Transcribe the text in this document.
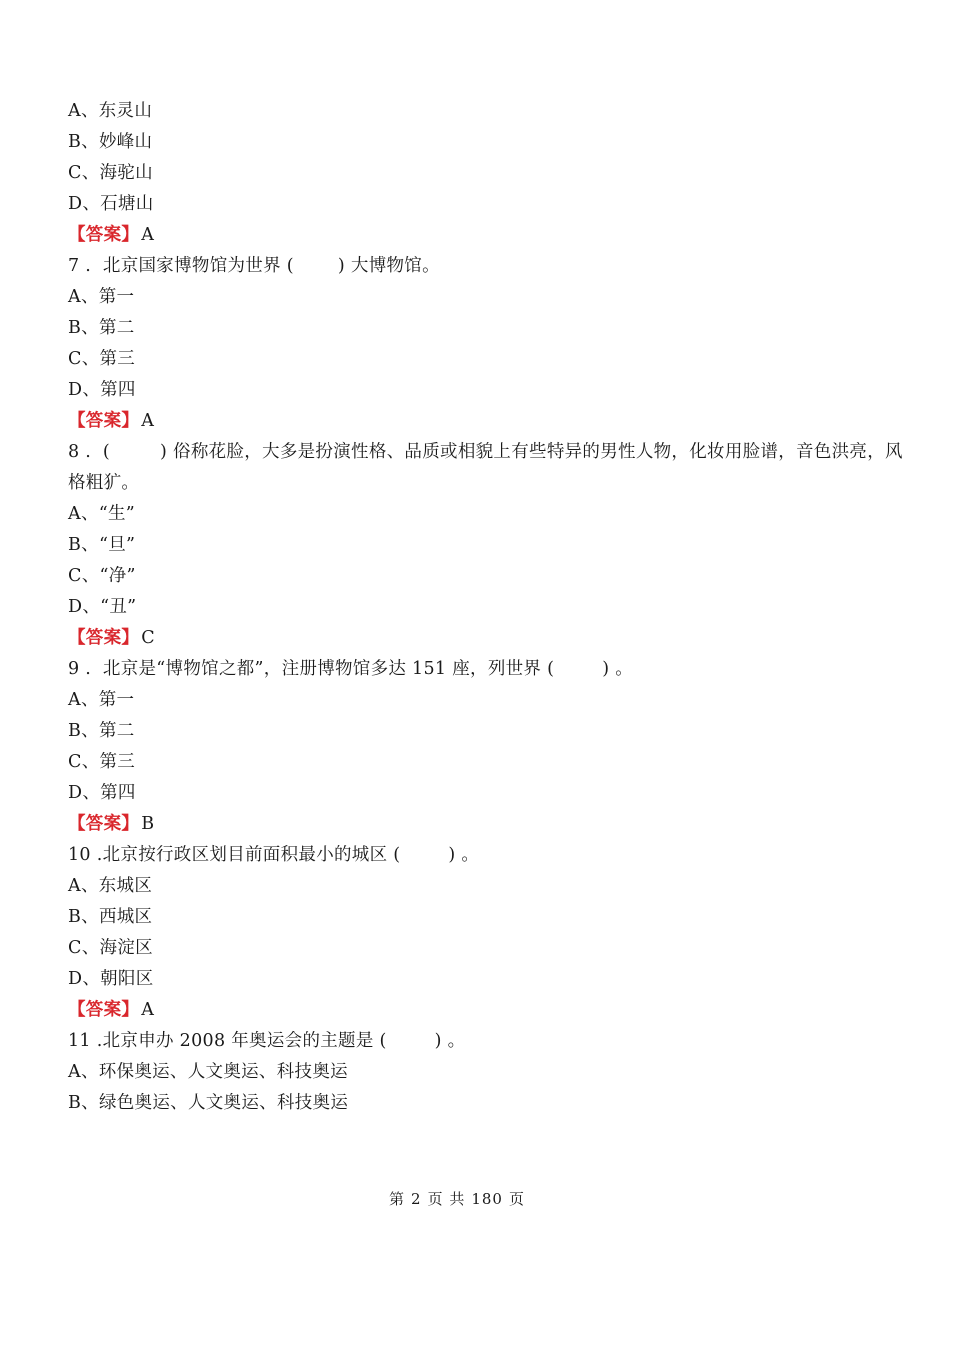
A、东灵山
B、妙峰山
C、海驼山
D、石塘山
【答案】 A
7 . 北京国家博物馆为世界 (	) 大博物馆。
A、第一
B、第二
C、第三
D、第四
【答案】 A
8 . (	) 俗称花脸，大多是扮演性格、品质或相貌上有些特异的男性人物，化妆用脸谱，音色洪亮，风
格粗犷。
A、“生”
B、“旦”
C、“净”
D、“丑”
【答案】 C
9 . 北京是“博物馆之都”，注册博物馆多达 151 座，列世界 (	) 。
A、第一
B、第二
C、第三
D、第四
【答案】 B
10 .北京按行政区划目前面积最小的城区 (	) 。
A、东城区
B、西城区
C、海淀区
D、朝阳区
【答案】 A
11 .北京申办 2008 年奥运会的主题是 (	) 。
A、环保奥运、人文奥运、科技奥运
B、绿色奥运、人文奥运、科技奥运
第 2 页 共 180 页
